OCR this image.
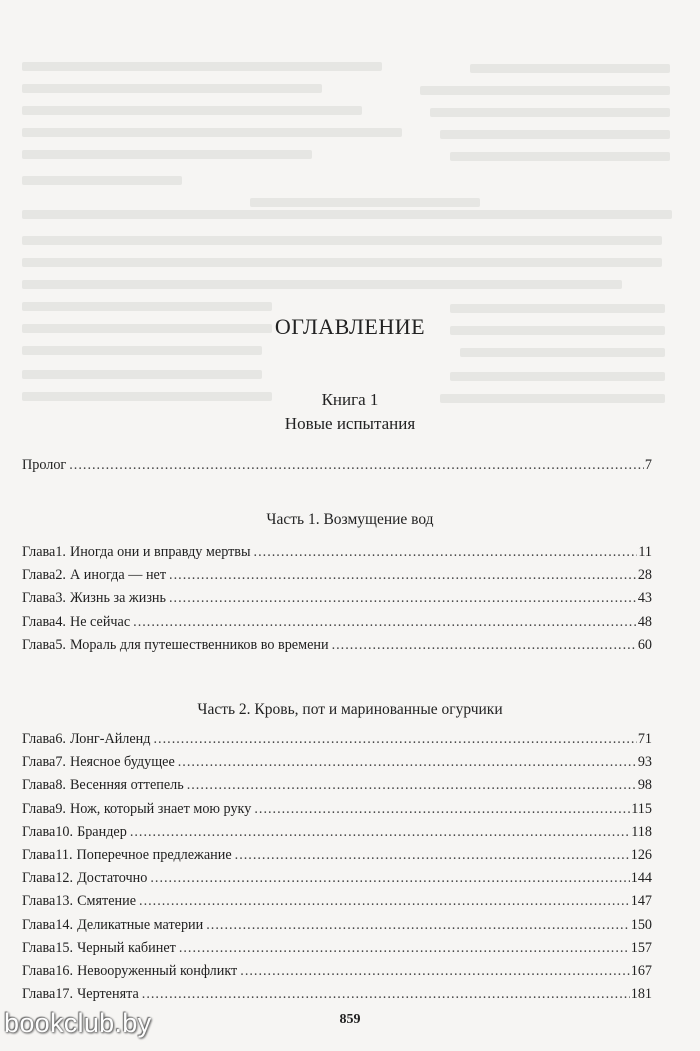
ОГЛАВЛЕНИЕ
Книга 1
Новые испытания
Пролог .....	7
Часть 1. Возмущение вод
Глава 1. Иногда они и вправду мертвы .....	11
Глава 2. А иногда — нет .....	28
Глава 3. Жизнь за жизнь .....	43
Глава 4. Не сейчас .....	48
Глава 5. Мораль для путешественников во времени .....	60
Часть 2. Кровь, пот и маринованные огурчики
Глава 6. Лонг-Айленд .....	71
Глава 7. Неясное будущее .....	93
Глава 8. Весенняя оттепель .....	98
Глава 9. Нож, который знает мою руку .....	115
Глава 10. Брандер .....	118
Глава 11. Поперечное предлежание .....	126
Глава 12. Достаточно .....	144
Глава 13. Смятение .....	147
Глава 14. Деликатные материи .....	150
Глава 15. Черный кабинет .....	157
Глава 16. Невооруженный конфликт .....	167
Глава 17. Чертенята .....	181
859
bookclub.by
